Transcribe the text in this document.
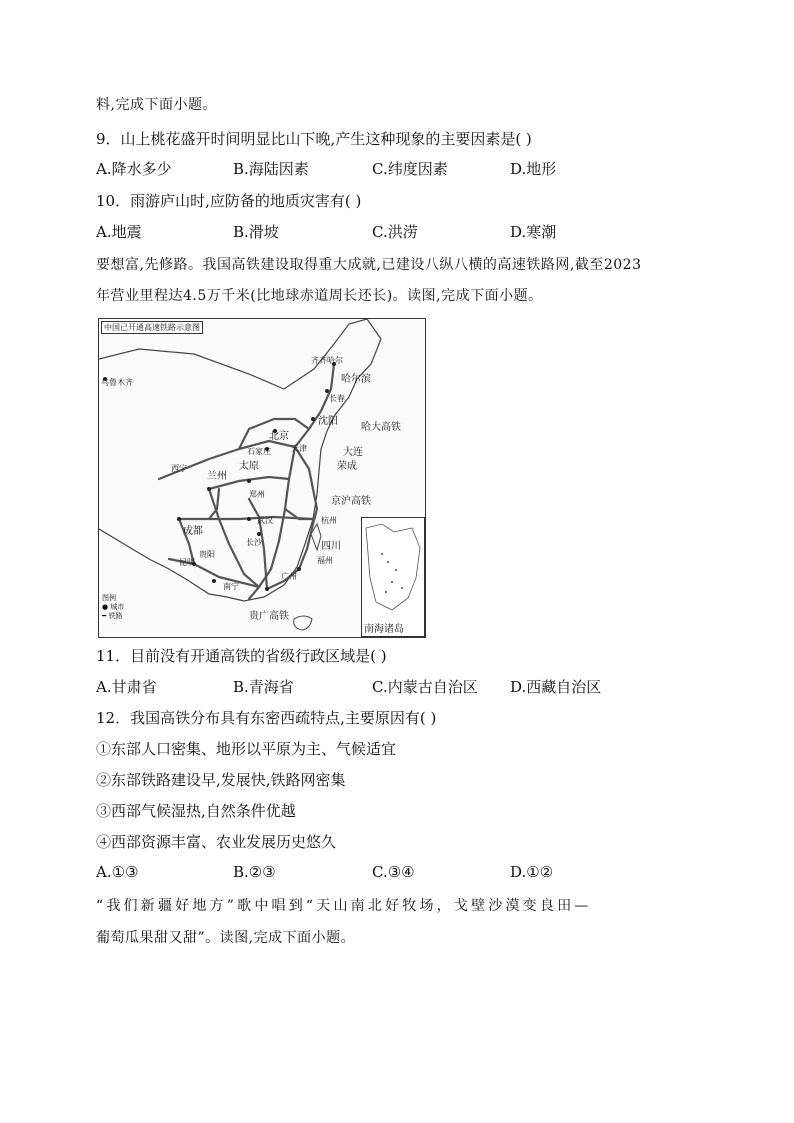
料,完成下面小题。
9．山上桃花盛开时间明显比山下晚,产生这种现象的主要因素是( )
A.降水多少	B.海陆因素	C.纬度因素	D.地形
10．雨游庐山时,应防备的地质灾害有( )
A.地震	B.滑坡	C.洪涝	D.寒潮
要想富,先修路。我国高铁建设取得重大成就,已建设八纵八横的高速铁路网,截至2023
年营业里程达4.5万千米(比地球赤道周长还长)。读图,完成下面小题。
中国已开通高速铁路示意图
乌鲁木齐
齐齐哈尔
哈尔滨
长春
沈阳
哈大高铁
北京
天津	大连
石家庄
太原	荣成
兰州
西宁
郑州
京沪高铁
成都
武汉	杭州
四川
贵阳
长沙
福州
昆明
南宁
广州
贵广高铁
图例
● 城市
━ 铁路
南海诸岛
11．目前没有开通高铁的省级行政区域是( )
A.甘肃省	B.青海省	C.内蒙古自治区 D.西藏自治区
12．我国高铁分布具有东密西疏特点,主要原因有( )
①东部人口密集、地形以平原为主、气候适宜
②东部铁路建设早,发展快,铁路网密集
③西部气候湿热,自然条件优越
④西部资源丰富、农业发展历史悠久
A.①③	B.②③	C.③④	D.①②
“我们新疆好地方”歌中唱到“天山南北好牧场，戈壁沙漠变良田—
葡萄瓜果甜又甜”。读图,完成下面小题。
